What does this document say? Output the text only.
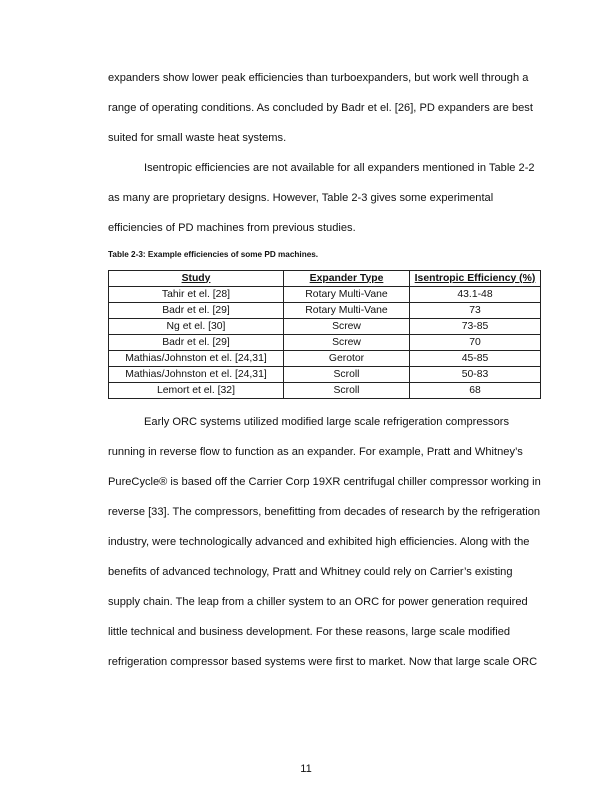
expanders show lower peak efficiencies than turboexpanders, but work well through a
range of operating conditions. As concluded by Badr et el. [26], PD expanders are best
suited for small waste heat systems.
Isentropic efficiencies are not available for all expanders mentioned in Table 2-2
as many are proprietary designs. However, Table 2-3 gives some experimental
efficiencies of PD machines from previous studies.
Table 2-3: Example efficiencies of some PD machines.
Study	Expander Type	Isentropic Efficiency (%)
Tahir et el. [28]	Rotary Multi-Vane	43.1-48
Badr et el. [29]	Rotary Multi-Vane	73
Ng et el. [30]	Screw	73-85
Badr et el. [29]	Screw	70
Mathias/Johnston et el. [24,31]	Gerotor	45-85
Mathias/Johnston et el. [24,31]	Scroll	50-83
Lemort et el. [32]	Scroll	68
Early ORC systems utilized modified large scale refrigeration compressors
running in reverse flow to function as an expander. For example, Pratt and Whitney’s
PureCycle® is based off the Carrier Corp 19XR centrifugal chiller compressor working in
reverse [33]. The compressors, benefitting from decades of research by the refrigeration
industry, were technologically advanced and exhibited high efficiencies. Along with the
benefits of advanced technology, Pratt and Whitney could rely on Carrier’s existing
supply chain. The leap from a chiller system to an ORC for power generation required
little technical and business development. For these reasons, large scale modified
refrigeration compressor based systems were first to market. Now that large scale ORC
11
